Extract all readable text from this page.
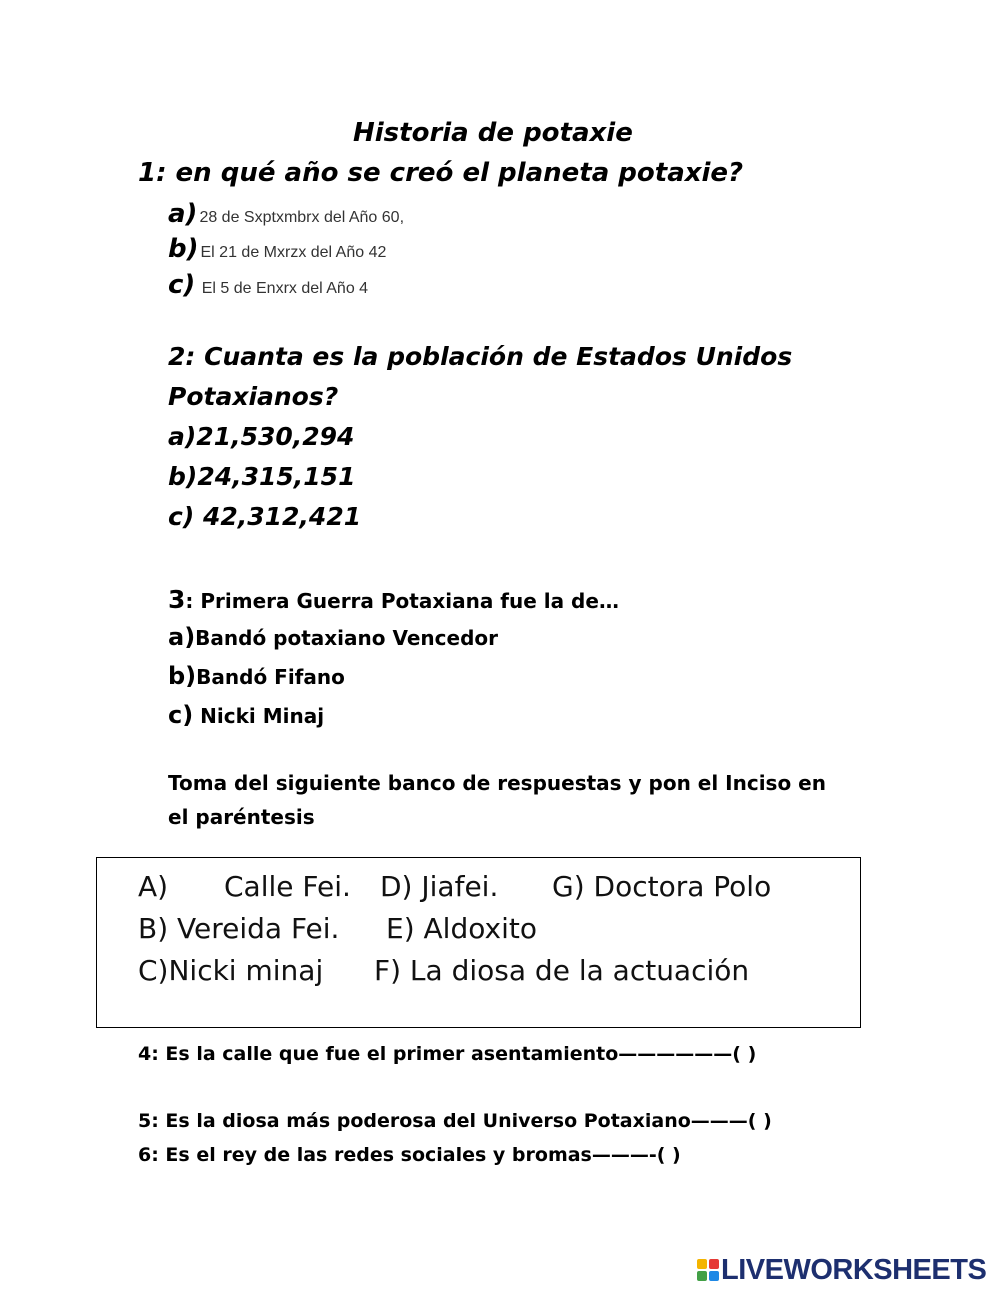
Historia de potaxie
1: en qué año se creó el planeta potaxie?
a) 28 de Sxptxmbrx del Año 60,
b) El 21 de Mxrzx del Año 42
c) El 5 de Enxrx del Año 4
2: Cuanta es la población de Estados Unidos
Potaxianos?
a)21,530,294
b)24,315,151
c) 42,312,421
3: Primera Guerra Potaxiana fue la de…
a)Bandó potaxiano Vencedor
b)Bandó Fifano
c) Nicki Minaj
Toma del siguiente banco de respuestas y pon el Inciso en
el paréntesis
A) Calle Fei. D) Jiafei. G) Doctora Polo
B) Vereida Fei. E) Aldoxito
C)Nicki minaj F) La diosa de la actuación
4: Es la calle que fue el primer asentamiento——————( )
5: Es la diosa más poderosa del Universo Potaxiano———( )
6: Es el rey de las redes sociales y bromas———-( )
LIVEWORKSHEETS
